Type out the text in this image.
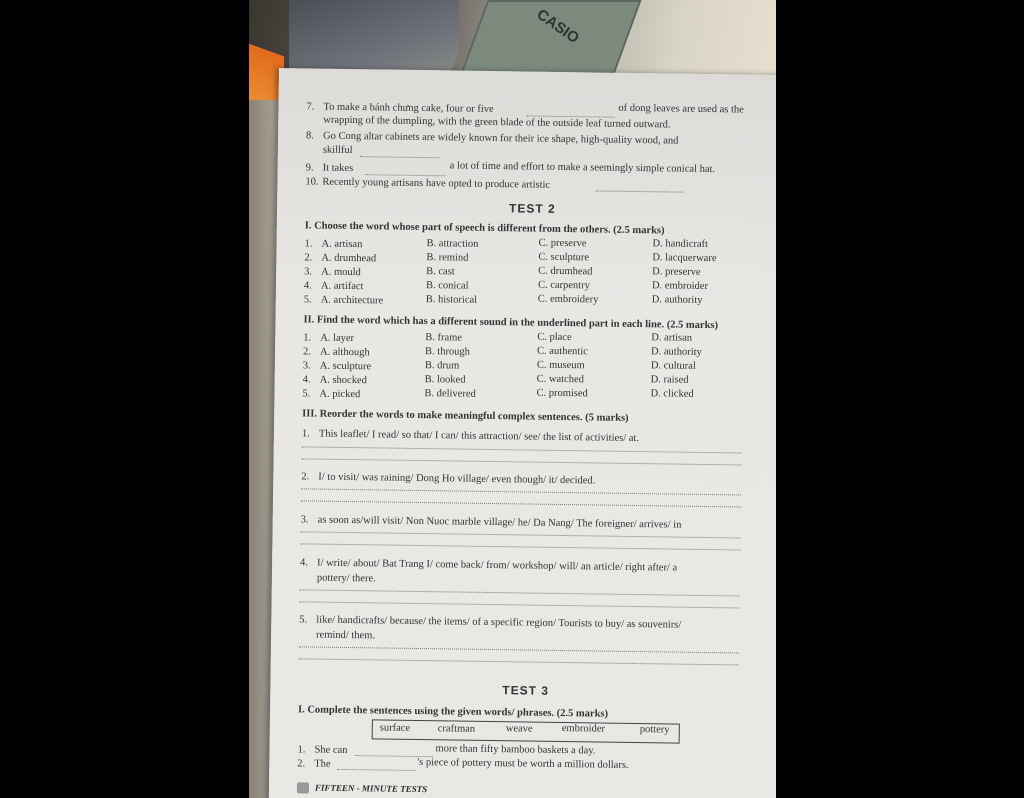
CASIO
7. To make a bánh chưng cake, four or five	of dong leaves are used as the
wrapping of the dumpling, with the green blade of the outside leaf turned outward.
8. Go Cong altar cabinets are widely known for their ice shape, high-quality wood, and
skillful
9. It takes	a lot of time and effort to make a seemingly simple conical hat.
10. Recently young artisans have opted to produce artistic
TEST 2
I. Choose the word whose part of speech is different from the others. (2.5 marks)
1. A. artisan	B. attraction	C. preserve	D. handicraft
2. A. drumhead	B. remind	C. sculpture	D. lacquerware
3. A. mould	B. cast	C. drumhead	D. preserve
4. A. artifact	B. conical	C. carpentry	D. embroider
5. A. architecture	B. historical	C. embroidery	D. authority
II. Find the word which has a different sound in the underlined part in each line. (2.5 marks)
1. A. layer	B. frame	C. place	D. artisan
2. A. although	B. through	C. authentic	D. authority
3. A. sculpture	B. drum	C. museum	D. cultural
4. A. shocked	B. looked	C. watched	D. raised
5. A. picked	B. delivered	C. promised	D. clicked
III. Reorder the words to make meaningful complex sentences. (5 marks)
1. This leaflet/ I read/ so that/ I can/ this attraction/ see/ the list of activities/ at.
2. I/ to visit/ was raining/ Dong Ho village/ even though/ it/ decided.
3. as soon as/will visit/ Non Nuoc marble village/ he/ Da Nang/ The foreigner/ arrives/ in
4. I/ write/ about/ Bat Trang I/ come back/ from/ workshop/ will/ an article/ right after/ a
pottery/ there.
5. like/ handicrafts/ because/ the items/ of a specific region/ Tourists to buy/ as souvenirs/
remind/ them.
TEST 3
I. Complete the sentences using the given words/ phrases. (2.5 marks)
surface	craftman	weave	embroider	pottery
1. She can	more than fifty bamboo baskets a day.
2. The	's piece of pottery must be worth a million dollars.
FIFTEEN - MINUTE TESTS
